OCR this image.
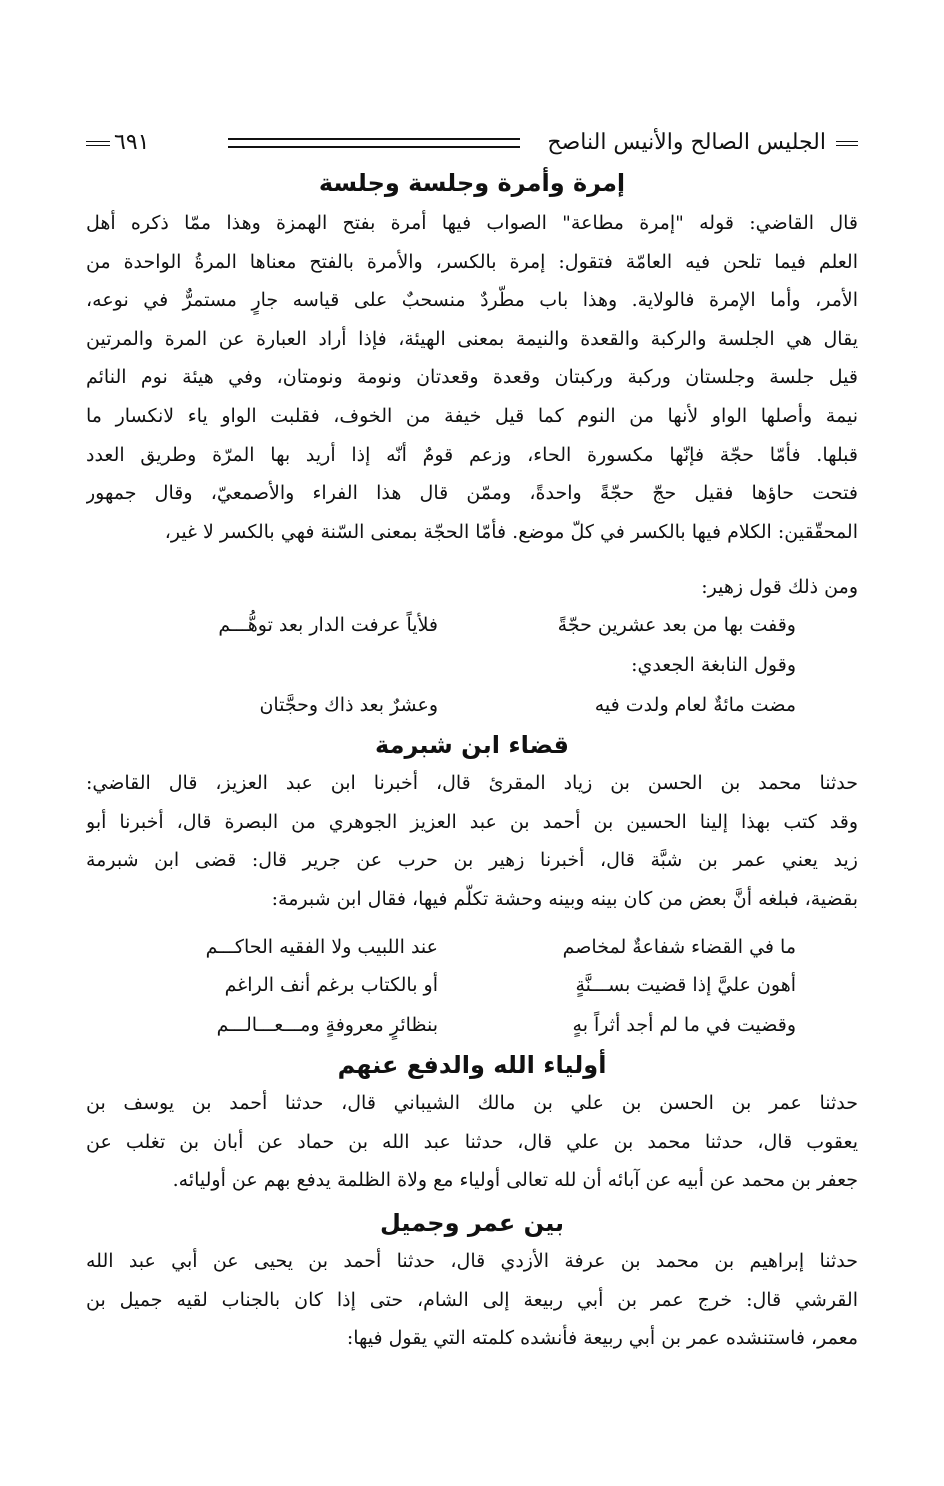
الجليس الصالح والأنيس الناصح
٦٩١
إمرة وأمرة وجلسة وجلسة
قال القاضي: قوله "إمرة مطاعة" الصواب فيها أمرة بفتح الهمزة وهذا ممّا ذكره أهل
العلم فيما تلحن فيه العامّة فتقول: إمرة بالكسر، والأمرة بالفتح معناها المرةُ الواحدة من
الأمر، وأما الإمرة فالولاية. وهذا باب مطّردٌ منسحبٌ على قياسه جارٍ مستمرٌّ في نوعه،
يقال هي الجلسة والركبة والقعدة والنيمة بمعنى الهيئة، فإذا أراد العبارة عن المرة والمرتين
قيل جلسة وجلستان وركبة وركبتان وقعدة وقعدتان ونومة ونومتان، وفي هيئة نوم النائم
نيمة وأصلها الواو لأنها من النوم كما قيل خيفة من الخوف، فقلبت الواو ياء لانكسار ما
قبلها. فأمّا حجّة فإنّها مكسورة الحاء، وزعم قومٌ أنّه إذا أريد بها المرّة وطريق العدد
فتحت حاؤها فقيل حجّ حجّةً واحدةً، وممّن قال هذا الفراء والأصمعيّ، وقال جمهور
المحقّقين: الكلام فيها بالكسر في كلّ موضع. فأمّا الحجّة بمعنى السّنة فهي بالكسر لا غير،
ومن ذلك قول زهير:
وقفت بها من بعد عشرين حجّةً
فلأياً عرفت الدار بعد توهُّـــم
وقول النابغة الجعدي:
مضت مائةٌ لعام ولدت فيه
وعشرٌ بعد ذاك وحجَّتان
قضاء ابن شبرمة
حدثنا محمد بن الحسن بن زياد المقرئ قال، أخبرنا ابن عبد العزيز، قال القاضي:
وقد كتب بهذا إلينا الحسين بن أحمد بن عبد العزيز الجوهري من البصرة قال، أخبرنا أبو
زيد يعني عمر بن شبَّة قال، أخبرنا زهير بن حرب عن جرير قال: قضى ابن شبرمة
بقضية، فبلغه أنَّ بعض من كان بينه وبينه وحشة تكلّم فيها، فقال ابن شبرمة:
ما في القضاء شفاعةٌ لمخاصم
عند اللبيب ولا الفقيه الحاكـــم
أهون عليَّ إذا قضيت بســـنَّةٍ
أو بالكتاب برغم أنف الراغم
وقضيت في ما لم أجد أثراً بهٍ
بنظائرٍ معروفةٍ ومـــعـــالـــم
أولياء الله والدفع عنهم
حدثنا عمر بن الحسن بن علي بن مالك الشيباني قال، حدثنا أحمد بن يوسف بن
يعقوب قال، حدثنا محمد بن علي قال، حدثنا عبد الله بن حماد عن أبان بن تغلب عن
جعفر بن محمد عن أبيه عن آبائه أن لله تعالى أولياء مع ولاة الظلمة يدفع بهم عن أوليائه.
بين عمر وجميل
حدثنا إبراهيم بن محمد بن عرفة الأزدي قال، حدثنا أحمد بن يحيى عن أبي عبد الله
القرشي قال: خرج عمر بن أبي ربيعة إلى الشام، حتى إذا كان بالجناب لقيه جميل بن
معمر، فاستنشده عمر بن أبي ربيعة فأنشده كلمته التي يقول فيها:
